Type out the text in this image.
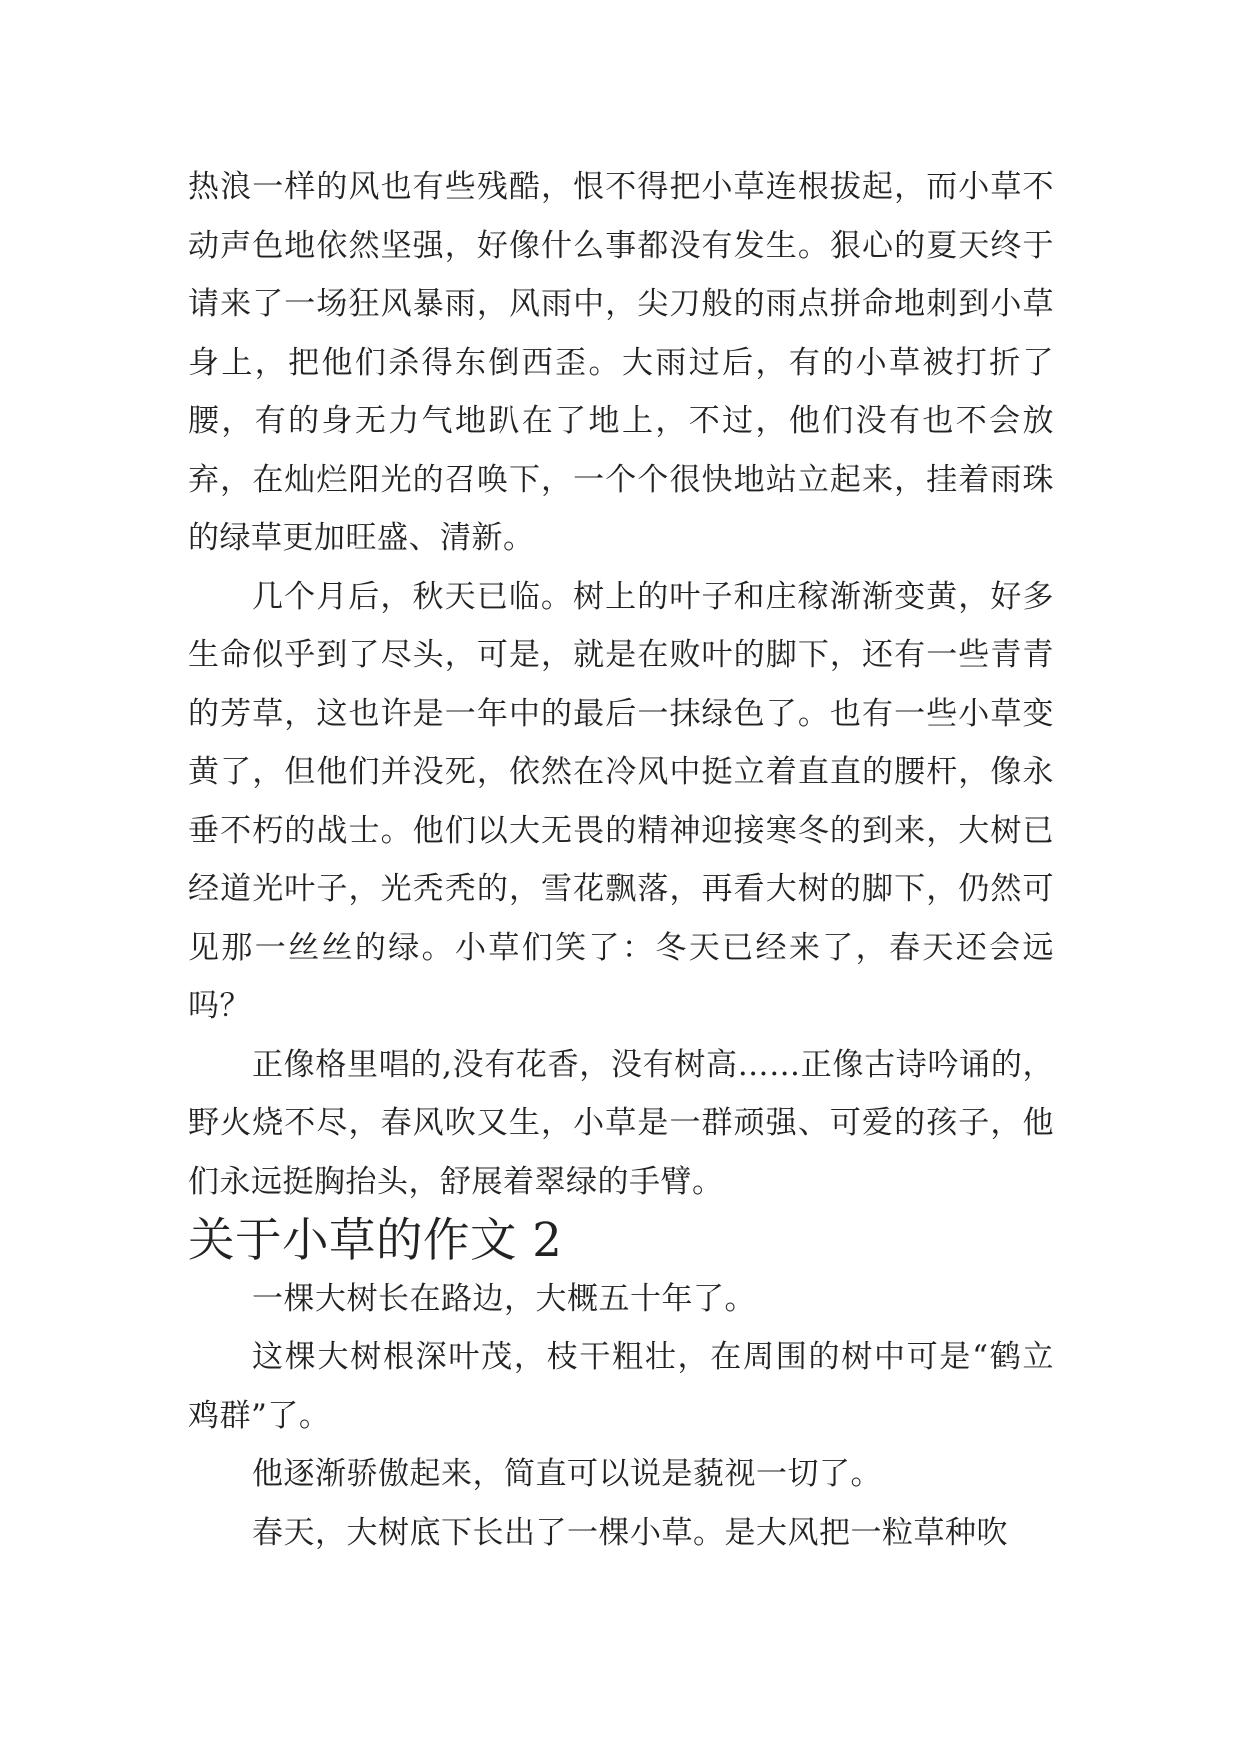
热浪一样的风也有些残酷，恨不得把小草连根拔起，而小草不动声色地依然坚强，好像什么事都没有发生。狠心的夏天终于请来了一场狂风暴雨，风雨中，尖刀般的雨点拼命地刺到小草身上，把他们杀得东倒西歪。大雨过后，有的小草被打折了腰，有的身无力气地趴在了地上，不过，他们没有也不会放弃，在灿烂阳光的召唤下，一个个很快地站立起来，挂着雨珠的绿草更加旺盛、清新。

几个月后，秋天已临。树上的叶子和庄稼渐渐变黄，好多生命似乎到了尽头，可是，就是在败叶的脚下，还有一些青青的芳草，这也许是一年中的最后一抹绿色了。也有一些小草变黄了，但他们并没死，依然在冷风中挺立着直直的腰杆，像永垂不朽的战士。他们以大无畏的精神迎接寒冬的到来，大树已经道光叶子，光秃秃的，雪花飘落，再看大树的脚下，仍然可见那一丝丝的绿。小草们笑了：冬天已经来了，春天还会远吗？

正像格里唱的,没有花香，没有树高……正像古诗吟诵的，野火烧不尽，春风吹又生，小草是一群顽强、可爱的孩子，他们永远挺胸抬头，舒展着翠绿的手臂。

关于小草的作文 2

一棵大树长在路边，大概五十年了。

这棵大树根深叶茂，枝干粗壮，在周围的树中可是“鹤立鸡群”了。

他逐渐骄傲起来，简直可以说是藐视一切了。

春天，大树底下长出了一棵小草。是大风把一粒草种吹
